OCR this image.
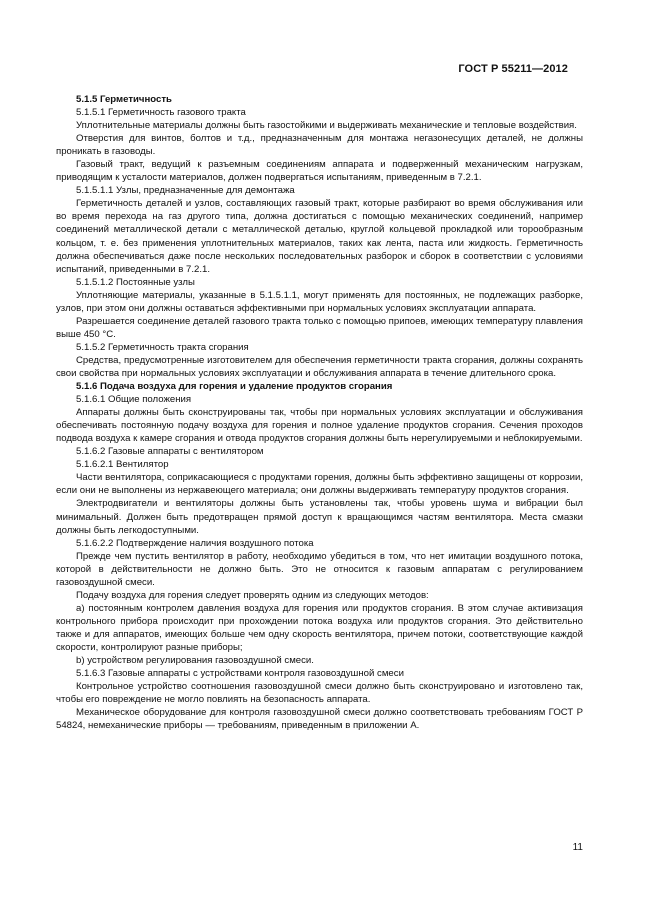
ГОСТ Р 55211—2012

5.1.5 Герметичность

5.1.5.1 Герметичность газового тракта

Уплотнительные материалы должны быть газостойкими и выдерживать механические и тепловые воздействия.

Отверстия для винтов, болтов и т.д., предназначенным для монтажа негазонесущих деталей, не должны проникать в газоводы.

Газовый тракт, ведущий к разъемным соединениям аппарата и подверженный механическим нагрузкам, приводящим к усталости материалов, должен подвергаться испытаниям, приведенным в 7.2.1.

5.1.5.1.1 Узлы, предназначенные для демонтажа

Герметичность деталей и узлов, составляющих газовый тракт, которые разбирают во время обслуживания или во время перехода на газ другого типа, должна достигаться с помощью механических соединений, например соединений металлической детали с металлической деталью, круглой кольцевой прокладкой или торообразным кольцом, т. е. без применения уплотнительных материалов, таких как лента, паста или жидкость. Герметичность должна обеспечиваться даже после нескольких последовательных разборок и сборок в соответствии с условиями испытаний, приведенными в 7.2.1.

5.1.5.1.2 Постоянные узлы

Уплотняющие материалы, указанные в 5.1.5.1.1, могут применять для постоянных, не подлежащих разборке, узлов, при этом они должны оставаться эффективными при нормальных условиях эксплуатации аппарата.

Разрешается соединение деталей газового тракта только с помощью припоев, имеющих температуру плавления выше 450 °С.

5.1.5.2 Герметичность тракта сгорания

Средства, предусмотренные изготовителем для обеспечения герметичности тракта сгорания, должны сохранять свои свойства при нормальных условиях эксплуатации и обслуживания аппарата в течение длительного срока.

5.1.6 Подача воздуха для горения и удаление продуктов сгорания

5.1.6.1 Общие положения

Аппараты должны быть сконструированы так, чтобы при нормальных условиях эксплуатации и обслуживания обеспечивать постоянную подачу воздуха для горения и полное удаление продуктов сгорания. Сечения проходов подвода воздуха к камере сгорания и отвода продуктов сгорания должны быть нерегулируемыми и неблокируемыми.

5.1.6.2 Газовые аппараты с вентилятором

5.1.6.2.1 Вентилятор

Части вентилятора, соприкасающиеся с продуктами горения, должны быть эффективно защищены от коррозии, если они не выполнены из нержавеющего материала; они должны выдерживать температуру продуктов сгорания.

Электродвигатели и вентиляторы должны быть установлены так, чтобы уровень шума и вибрации был минимальный. Должен быть предотвращен прямой доступ к вращающимся частям вентилятора. Места смазки должны быть легкодоступными.

5.1.6.2.2 Подтверждение наличия воздушного потока

Прежде чем пустить вентилятор в работу, необходимо убедиться в том, что нет имитации воздушного потока, которой в действительности не должно быть. Это не относится к газовым аппаратам с регулированием газовоздушной смеси.

Подачу воздуха для горения следует проверять одним из следующих методов:

а) постоянным контролем давления воздуха для горения или продуктов сгорания. В этом случае активизация контрольного прибора происходит при прохождении потока воздуха или продуктов сгорания. Это действительно также и для аппаратов, имеющих больше чем одну скорость вентилятора, причем потоки, соответствующие каждой скорости, контролируют разные приборы;

b) устройством регулирования газовоздушной смеси.

5.1.6.3 Газовые аппараты с устройствами контроля газовоздушной смеси

Контрольное устройство соотношения газовоздушной смеси должно быть сконструировано и изготовлено так, чтобы его повреждение не могло повлиять на безопасность аппарата.

Механическое оборудование для контроля газовоздушной смеси должно соответствовать требованиям ГОСТ Р 54824, немеханические приборы — требованиям, приведенным в приложении А.

11
